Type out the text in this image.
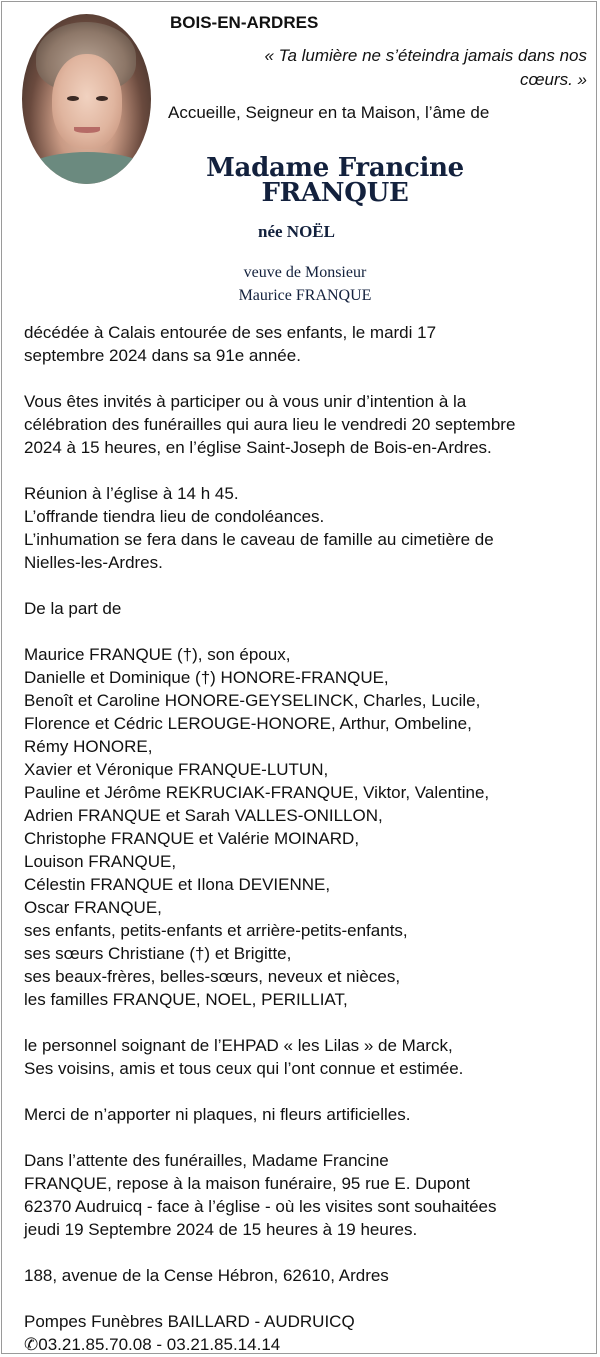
BOIS-EN-ARDRES
« Ta lumière ne s’éteindra jamais dans nos
cœurs. »
Accueille, Seigneur en ta Maison, l’âme de
Madame Francine
FRANQUE
née NOËL
veuve de Monsieur
Maurice FRANQUE
décédée à Calais entourée de ses enfants, le mardi 17
septembre 2024 dans sa 91e année.
Vous êtes invités à participer ou à vous unir d’intention à la
célébration des funérailles qui aura lieu le vendredi 20 septembre
2024 à 15 heures, en l’église Saint-Joseph de Bois-en-Ardres.
Réunion à l’église à 14 h 45.
L’offrande tiendra lieu de condoléances.
L’inhumation se fera dans le caveau de famille au cimetière de
Nielles-les-Ardres.
De la part de
Maurice FRANQUE (†), son époux,
Danielle et Dominique (†) HONORE-FRANQUE,
Benoît et Caroline HONORE-GEYSELINCK, Charles, Lucile,
Florence et Cédric LEROUGE-HONORE, Arthur, Ombeline,
Rémy HONORE,
Xavier et Véronique FRANQUE-LUTUN,
Pauline et Jérôme REKRUCIAK-FRANQUE, Viktor, Valentine,
Adrien FRANQUE et Sarah VALLES-ONILLON,
Christophe FRANQUE et Valérie MOINARD,
Louison FRANQUE,
Célestin FRANQUE et Ilona DEVIENNE,
Oscar FRANQUE,
ses enfants, petits-enfants et arrière-petits-enfants,
ses sœurs Christiane (†) et Brigitte,
ses beaux-frères, belles-sœurs, neveux et nièces,
les familles FRANQUE, NOEL, PERILLIAT,
le personnel soignant de l’EHPAD « les Lilas » de Marck,
Ses voisins, amis et tous ceux qui l’ont connue et estimée.
Merci de n’apporter ni plaques, ni fleurs artificielles.
Dans l’attente des funérailles, Madame Francine
FRANQUE, repose à la maison funéraire, 95 rue E. Dupont
62370 Audruicq - face à l’église - où les visites sont souhaitées
jeudi 19 Septembre 2024 de 15 heures à 19 heures.
188, avenue de la Cense Hébron, 62610, Ardres
Pompes Funèbres BAILLARD - AUDRUICQ
✆03.21.85.70.08 - 03.21.85.14.14
